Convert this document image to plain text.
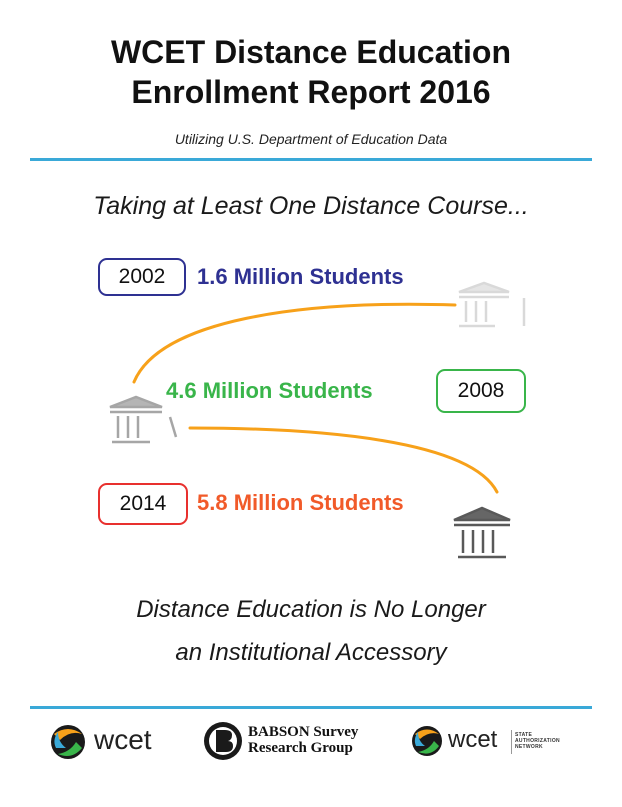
WCET Distance Education
Enrollment Report 2016
Utilizing U.S. Department of Education Data
Taking at Least One Distance Course...
2002	1.6 Million Students
4.6 Million Students	2008
2014	5.8 Million Students
Distance Education is No Longer
an Institutional Accessory
wcet	BABSON Survey
Research Group	wcet	STATE
AUTHORIZATION
NETWORK
